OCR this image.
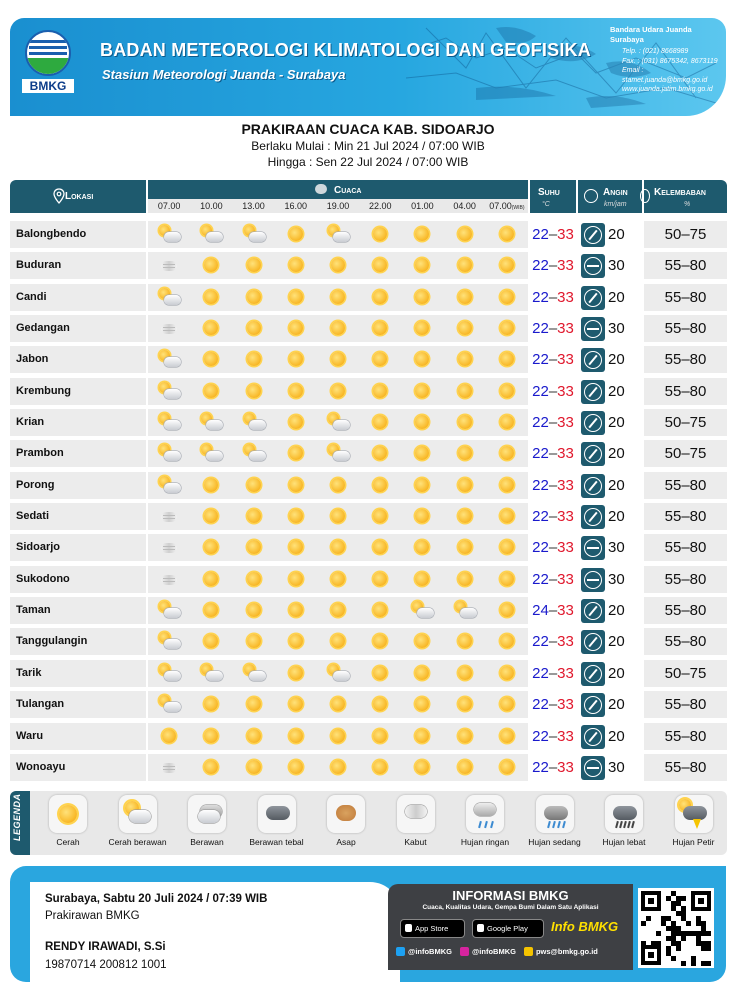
BMKG
BADAN METEOROLOGI KLIMATOLOGI DAN GEOFISIKA
Stasiun Meteorologi Juanda - Surabaya
Bandara Udara Juanda Surabaya
Telp. : (021) 8668989
Fax. : (031) 8675342, 8673119
Email : stamet.juanda@bmkg.go.id
www.juanda.jatim.bmkg.go.id
PRAKIRAAN CUACA KAB. SIDOARJO
Berlaku Mulai : Min 21 Jul 2024 / 07:00 WIB
Hingga : Sen 22 Jul 2024 / 07:00 WIB
Lokasi
Cuaca
07.00	10.00	13.00	16.00	19.00	22.00	01.00	04.00	07.00(WIB)
Suhu
°C
Angin
km/jam
Kelembaban
%
Balongbendo	22–33 20	50–75
Buduran	22–33 30	55–80
Candi	22–33 20	55–80
Gedangan	22–33 30	55–80
Jabon	22–33 20	55–80
Krembung	22–33 20	55–80
Krian	22–33 20	50–75
Prambon	22–33 20	50–75
Porong	22–33 20	55–80
Sedati	22–33 20	55–80
Sidoarjo	22–33 30	55–80
Sukodono	22–33 30	55–80
Taman	24–33 20	55–80
Tanggulangin	22–33 20	55–80
Tarik	22–33 20	50–75
Tulangan	22–33 20	55–80
Waru	22–33 20	55–80
Wonoayu	22–33 30	55–80
LEGENDA
Cerah	Cerah berawan	Berawan	Berawan tebal	Asap	Kabut	Hujan ringan	Hujan sedang	Hujan lebat	Hujan Petir
Surabaya, Sabtu 20 Juli 2024 / 07:39 WIB
Prakirawan BMKG
RENDY IRAWADI, S.Si
19870714 200812 1001
INFORMASI BMKG
Cuaca, Kualitas Udara, Gempa Bumi Dalam Satu Aplikasi
App Store	Google Play	Info BMKG
@infoBMKG	@infoBMKG	pws@bmkg.go.id
